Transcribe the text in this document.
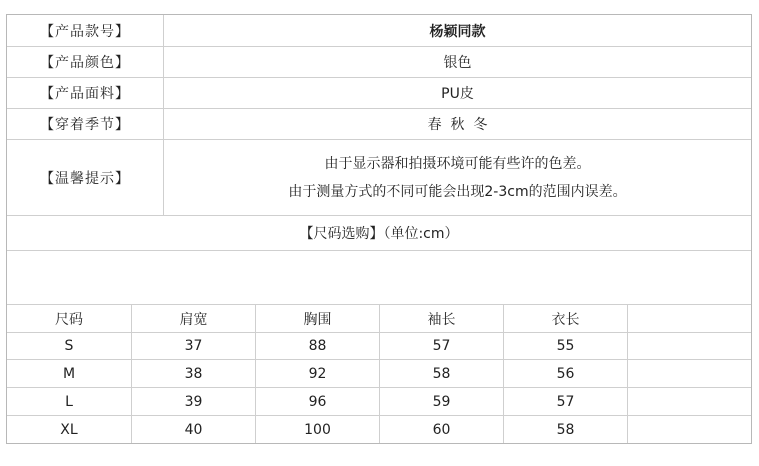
【产品款号】	杨颖同款
【产品颜色】	银色
【产品面料】	PU皮
【穿着季节】	春  秋  冬
【温馨提示】
由于显示器和拍摄环境可能有些许的色差。
由于测量方式的不同可能会出现2-3cm的范围内误差。
【尺码选购】（单位:cm）
尺码	肩宽	胸围	袖长	衣长
S	37	88	57	55
M	38	92	58	56
L	39	96	59	57
XL	40	100	60	58
